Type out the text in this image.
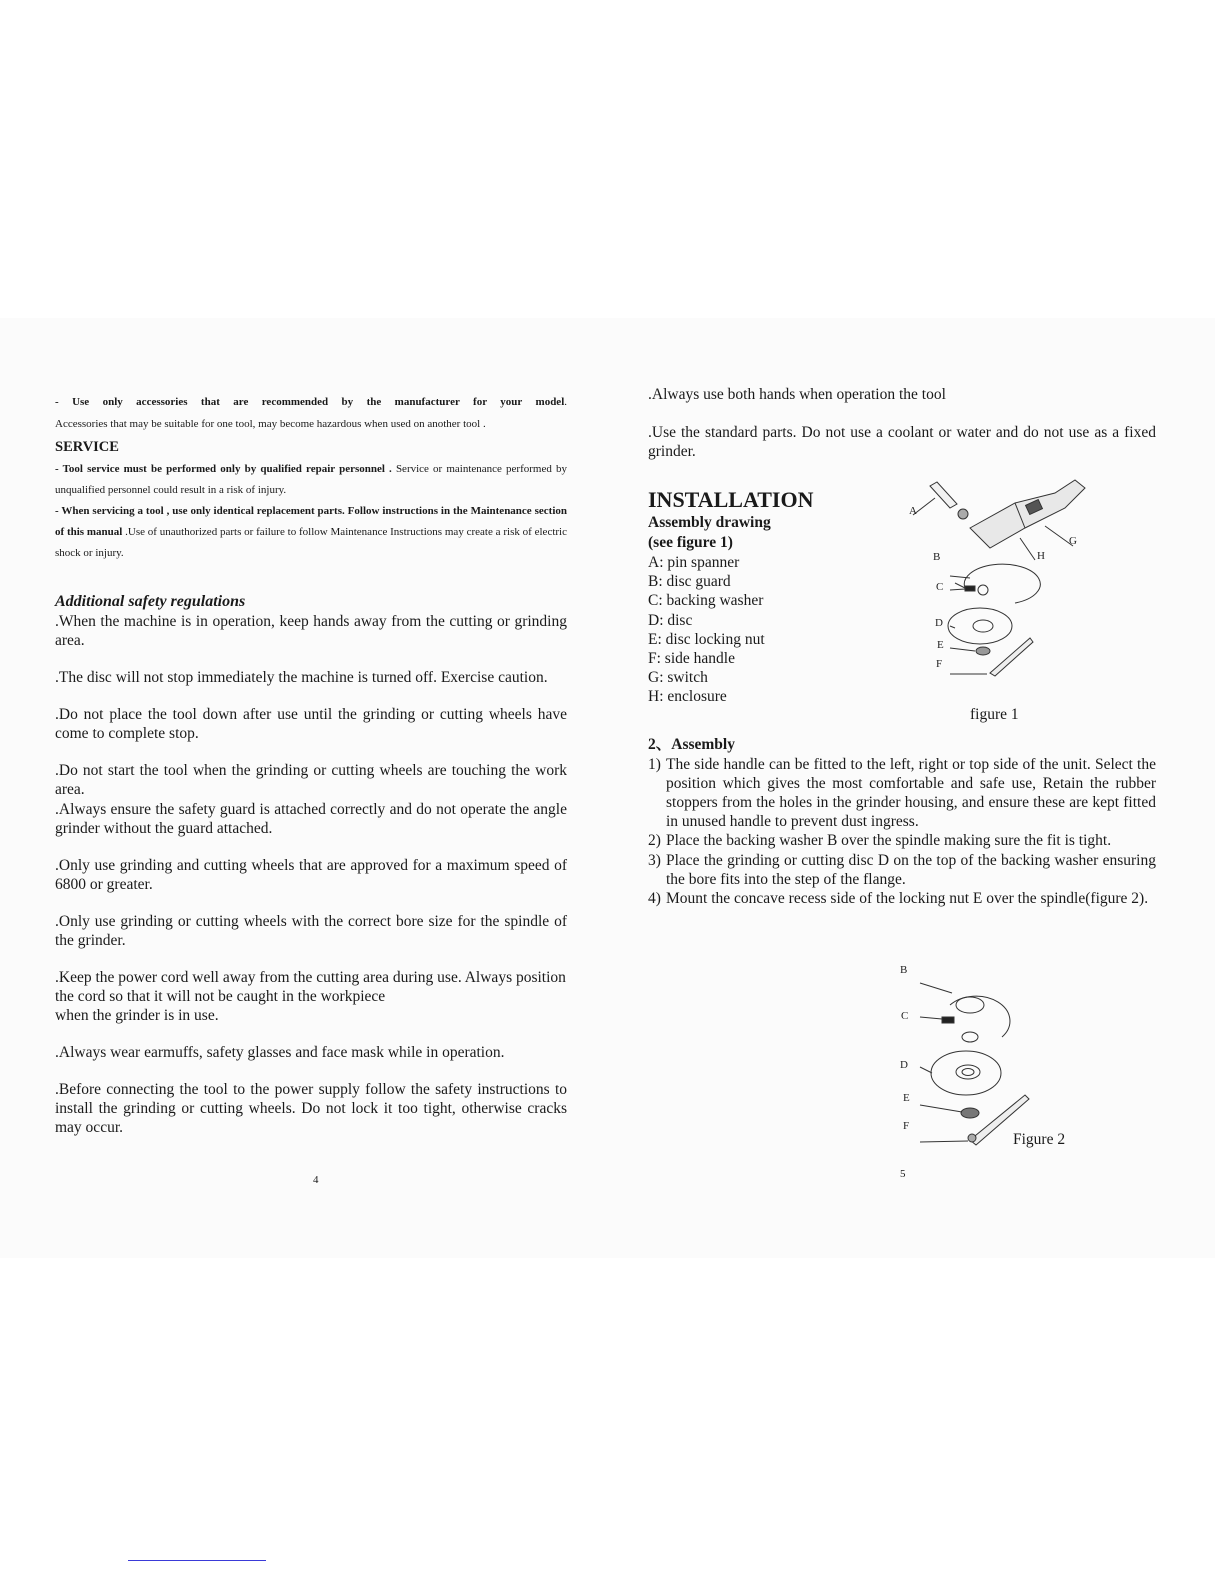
- Use only accessories that are recommended by the manufacturer for your model.
Accessories that may be suitable for one tool, may become hazardous when used on another tool .
SERVICE
- Tool service must be performed only by qualified repair personnel . Service or maintenance performed by unqualified personnel could result in a risk of injury.
- When servicing a tool , use only identical replacement parts. Follow instructions in the Maintenance section of this manual .Use of unauthorized parts or failure to follow Maintenance Instructions may create a risk of electric shock or injury.
Additional safety regulations

.When the machine is in operation, keep hands away from the cutting or grinding area.

.The disc will not stop immediately the machine is turned off. Exercise caution.

.Do not place the tool down after use until the grinding or cutting wheels have come to complete stop.

.Do not start the tool when the grinding or cutting wheels are touching the work area.

.Always ensure the safety guard is attached correctly and do not operate the angle grinder without the guard attached.

.Only use grinding and cutting wheels that are approved for a maximum speed of 6800 or greater.

.Only use grinding or cutting wheels with the correct bore size for the spindle of the grinder.

.Keep the power cord well away from the cutting area during use. Always position the cord so that it will not be caught in the workpiece

when the grinder is in use.

.Always wear earmuffs, safety glasses and face mask while in operation.

.Before connecting the tool to the power supply follow the safety instructions to install the grinding or cutting wheels. Do not lock it too tight, otherwise cracks may occur.

4

.Always use both hands when operation the tool

.Use the standard parts. Do not use a coolant or water and do not use as a fixed grinder.

INSTALLATION
Assembly drawing
(see figure 1)
A: pin spanner
B: disc guard
C: backing washer
D: disc
E: disc locking nut
F: side handle
G: switch
H: enclosure
2、Assembly
1) The side handle can be fitted to the left, right or top side of the unit. Select the position which gives the most comfortable and safe use, Retain the rubber stoppers from the holes in the grinder housing, and ensure these are kept fitted in unused handle to prevent dust ingress.
2) Place the backing washer B over the spindle making sure the fit is tight.
3) Place the grinding or cutting disc D on the top of the backing washer ensuring the bore fits into the step of the flange.
4) Mount the concave recess side of the locking nut E over the spindle(figure 2).
A
B
C
D
E
F
G
H
figure 1
B
C
D
E
F
Figure 2
5
